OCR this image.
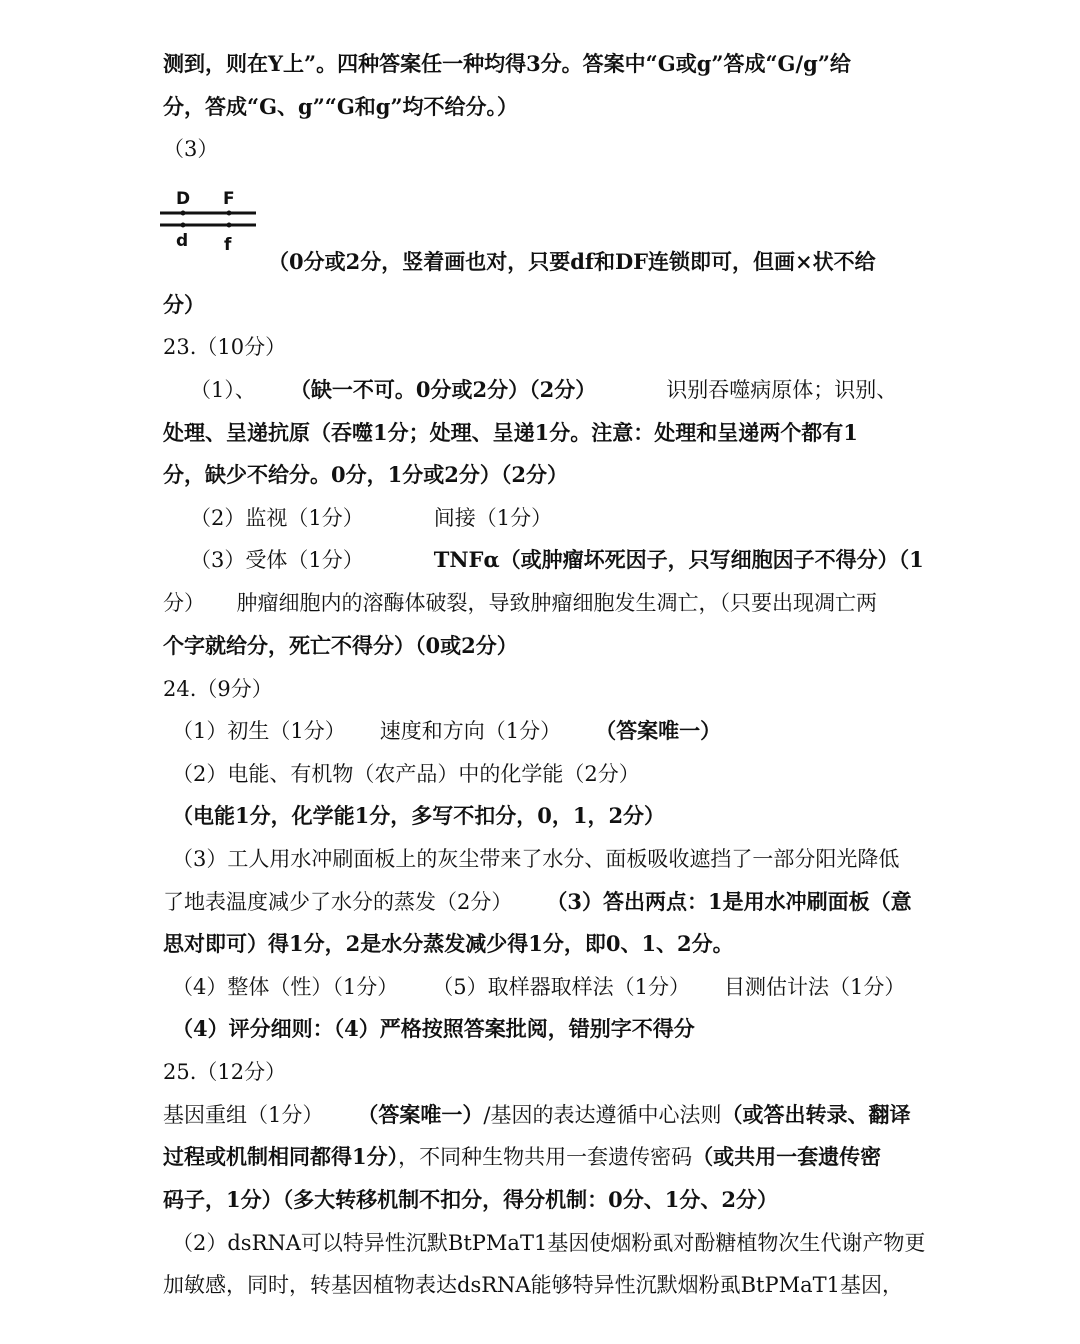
测到，则在Y上”。四种答案任一种均得3分。答案中“G或g”答成“G/g”给
分，答成“G、g”“G和g”均不给分。）
（3）
D F
d f
（0分或2分，竖着画也对，只要df和DF连锁即可，但画×状不给
分）
23.（10分）
（1）、 （缺一不可。0分或2分）（2分）	识别吞噬病原体；识别、
处理、呈递抗原（吞噬1分；处理、呈递1分。注意：处理和呈递两个都有1
分，缺少不给分。0分，1分或2分）（2分）
（2）监视（1分）	间接（1分）
（3）受体（1分）	TNFα（或肿瘤坏死因子，只写细胞因子不得分）（1
分）　　肿瘤细胞内的溶酶体破裂，导致肿瘤细胞发生凋亡，（只要出现凋亡两
个字就给分，死亡不得分）（0或2分）
24.（9分）
（1）初生（1分） 速度和方向（1分） （答案唯一）
（2）电能、有机物（农产品）中的化学能（2分）
（电能1分，化学能1分，多写不扣分，0，1，2分）
（3）工人用水冲刷面板上的灰尘带来了水分、面板吸收遮挡了一部分阳光降低
了地表温度减少了水分的蒸发（2分） （3）答出两点：1是用水冲刷面板（意
思对即可）得1分，2是水分蒸发减少得1分，即0、1、2分。
（4）整体（性）（1分） （5）取样器取样法（1分） 目测估计法（1分）
（4）评分细则：（4）严格按照答案批阅，错别字不得分
25.（12分）
基因重组（1分） （答案唯一）/基因的表达遵循中心法则（或答出转录、翻译
过程或机制相同都得1分），不同种生物共用一套遗传密码（或共用一套遗传密
码子，1分）（多大转移机制不扣分，得分机制：0分、1分、2分）
（2）dsRNA可以特异性沉默BtPMaT1基因使烟粉虱对酚糖植物次生代谢产物更
加敏感，同时，转基因植物表达dsRNA能够特异性沉默烟粉虱BtPMaT1基因，
